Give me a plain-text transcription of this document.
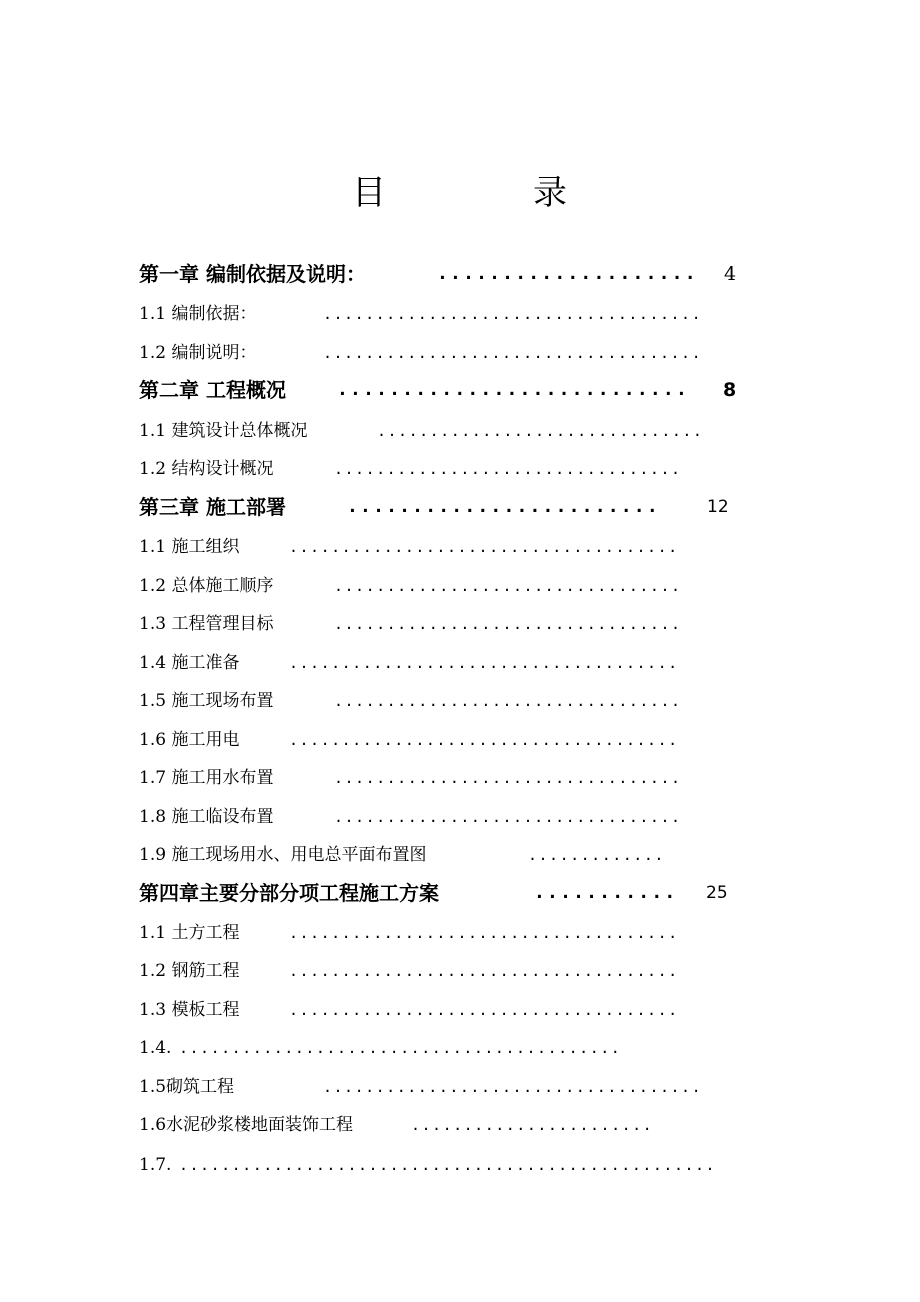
目	录
第一章 编制依据及说明：	.................... 4
1.1 编制依据：	....................................
1.2 编制说明：	....................................
第二章 工程概况	........................... 8
1.1 建筑设计总体概况	...............................
1.2 结构设计概况	.................................
第三章 施工部署	........................	12
1.1 施工组织	.....................................
1.2 总体施工顺序	.................................
1.3 工程管理目标	.................................
1.4 施工准备	.....................................
1.5 施工现场布置	.................................
1.6 施工用电	.....................................
1.7 施工用水布置	.................................
1.8 施工临设布置	.................................
1.9 施工现场用水、用电总平面布置图	.............
第四章主要分部分项工程施工方案	........... 25
1.1 土方工程	.....................................
1.2 钢筋工程	.....................................
1.3 模板工程	.....................................
1.4. ..........................................
1.5砌筑工程	....................................
1.6水泥砂浆楼地面装饰工程	.......................
1.7. ...................................................
